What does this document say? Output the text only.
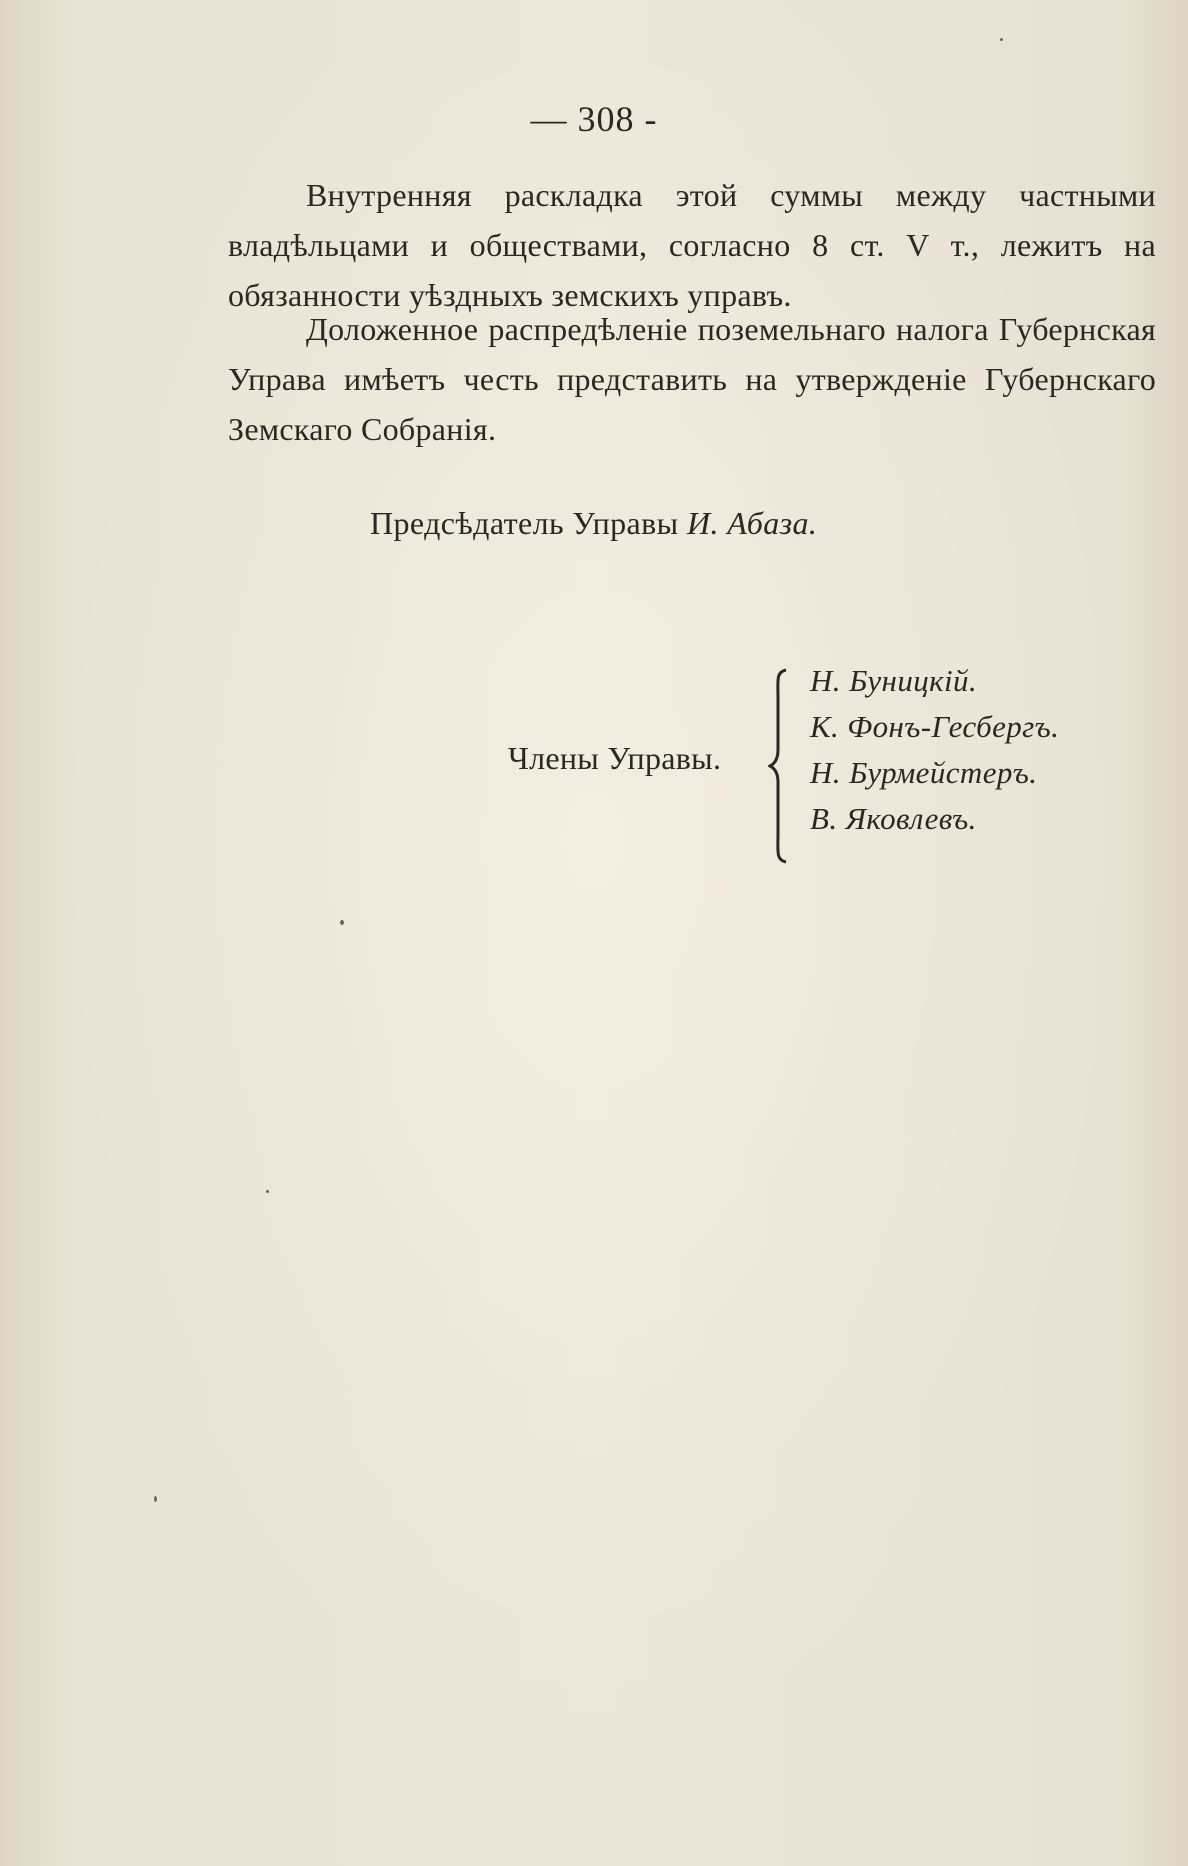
— 308 -

Внутренняя раскладка этой суммы между частными владѣльцами и обществами, согласно 8 ст. V т., лежитъ на обязанности уѣздныхъ земскихъ управъ.

Доложенное распредѣленіе поземельнаго налога Губернская Управа имѣетъ честь представить на утвержденіе Губернскаго Земскаго Собранія.

Предсѣдатель Управы И. Абаза.
Члены Управы.
Н. Буницкій.
К. Фонъ-Гесбергъ.
Н. Бурмейстеръ.
В. Яковлевъ.
